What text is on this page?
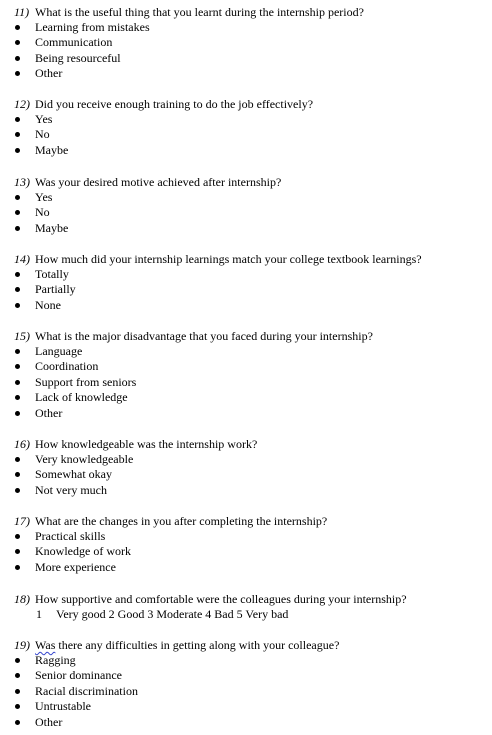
11) What is the useful thing that you learnt during the internship period?
Learning from mistakes
Communication
Being resourceful
Other
12) Did you receive enough training to do the job effectively?
Yes
No
Maybe
13) Was your desired motive achieved after internship?
Yes
No
Maybe
14) How much did your internship learnings match your college textbook learnings?
Totally
Partially
None
15) What is the major disadvantage that you faced during your internship?
Language
Coordination
Support from seniors
Lack of knowledge
Other
16) How knowledgeable was the internship work?
Very knowledgeable
Somewhat okay
Not very much
17) What are the changes in you after completing the internship?
Practical skills
Knowledge of work
More experience
18) How supportive and comfortable were the colleagues during your internship?
1 Very good 2 Good 3 Moderate 4 Bad 5 Very bad
19) Was there any difficulties in getting along with your colleague?
Ragging
Senior dominance
Racial discrimination
Untrustable
Other
